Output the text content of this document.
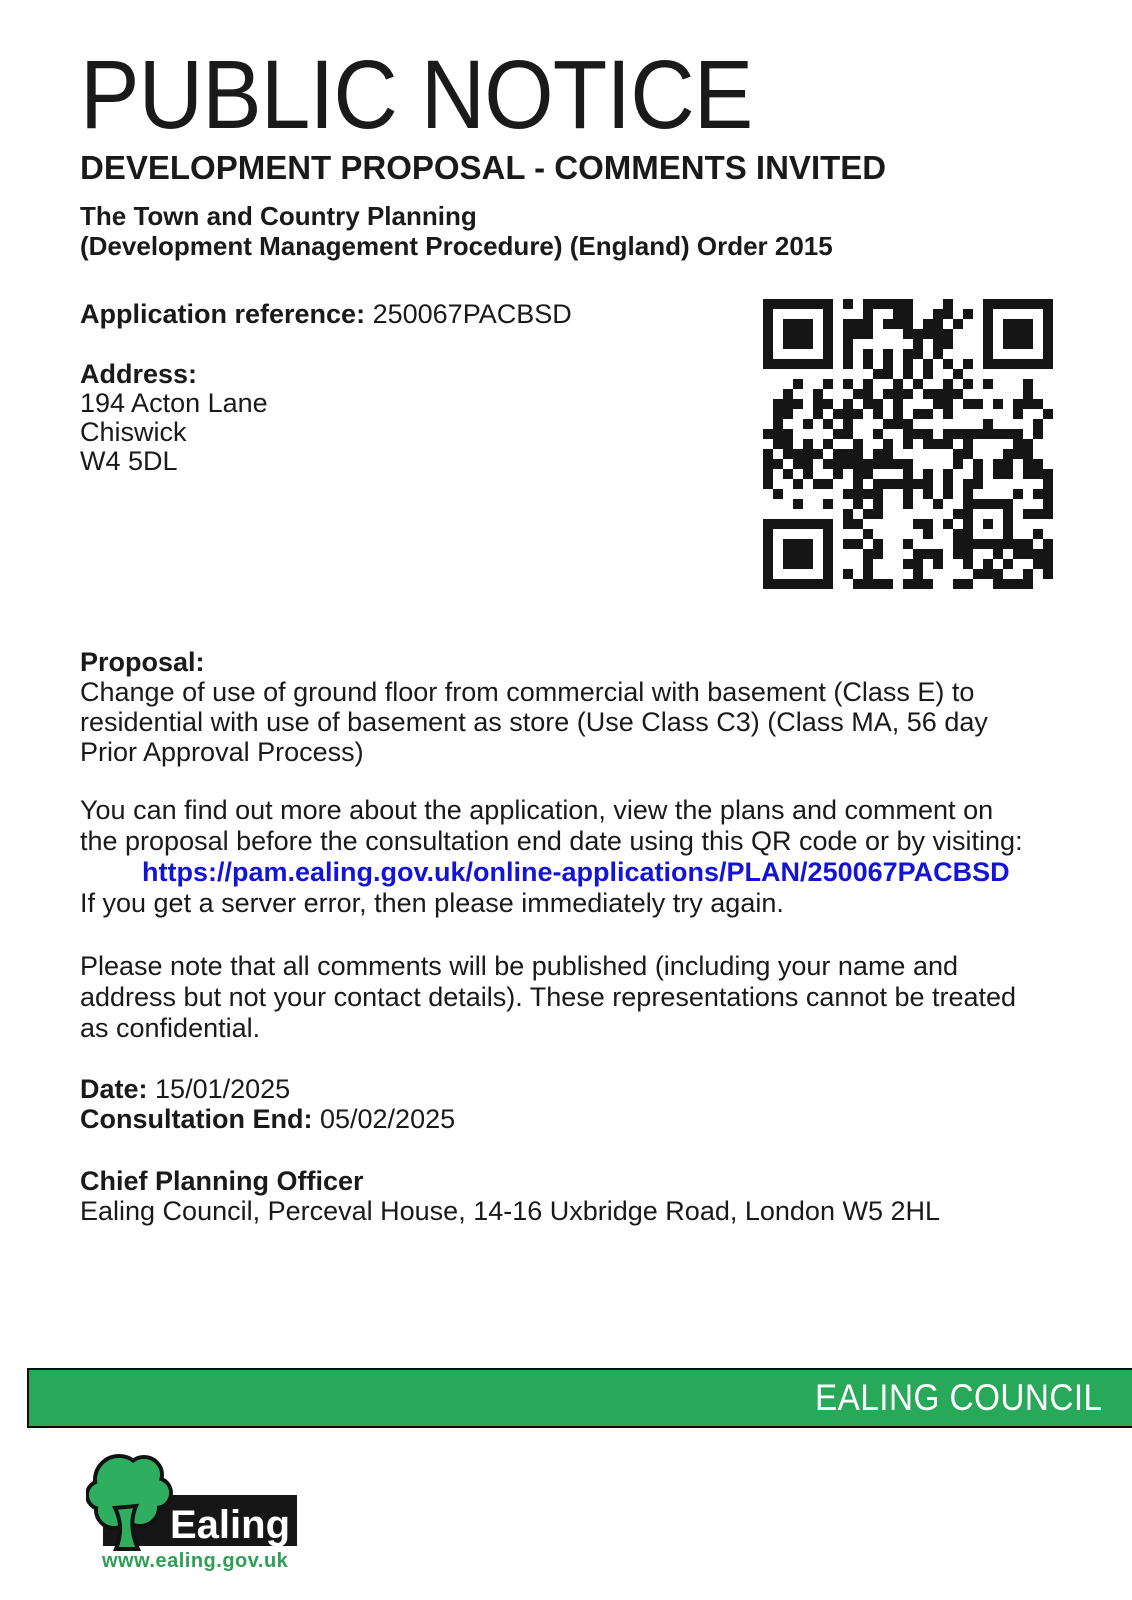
PUBLIC NOTICE
DEVELOPMENT PROPOSAL - COMMENTS INVITED
The Town and Country Planning
(Development Management Procedure) (England) Order 2015
Application reference: 250067PACBSD
Address:
194 Acton Lane
Chiswick
W4 5DL
Proposal:
Change of use of ground floor from commercial with basement (Class E) to residential with use of basement as store (Use Class C3) (Class MA, 56 day Prior Approval Process)
You can find out more about the application, view the plans and comment on the proposal before the consultation end date using this QR code or by visiting:
https://pam.ealing.gov.uk/online-applications/PLAN/250067PACBSD
If you get a server error, then please immediately try again.
Please note that all comments will be published (including your name and address but not your contact details). These representations cannot be treated as confidential.
Date: 15/01/2025
Consultation End: 05/02/2025
Chief Planning Officer
Ealing Council, Perceval House, 14-16 Uxbridge Road, London W5 2HL
EALING COUNCIL
Ealing
www.ealing.gov.uk
